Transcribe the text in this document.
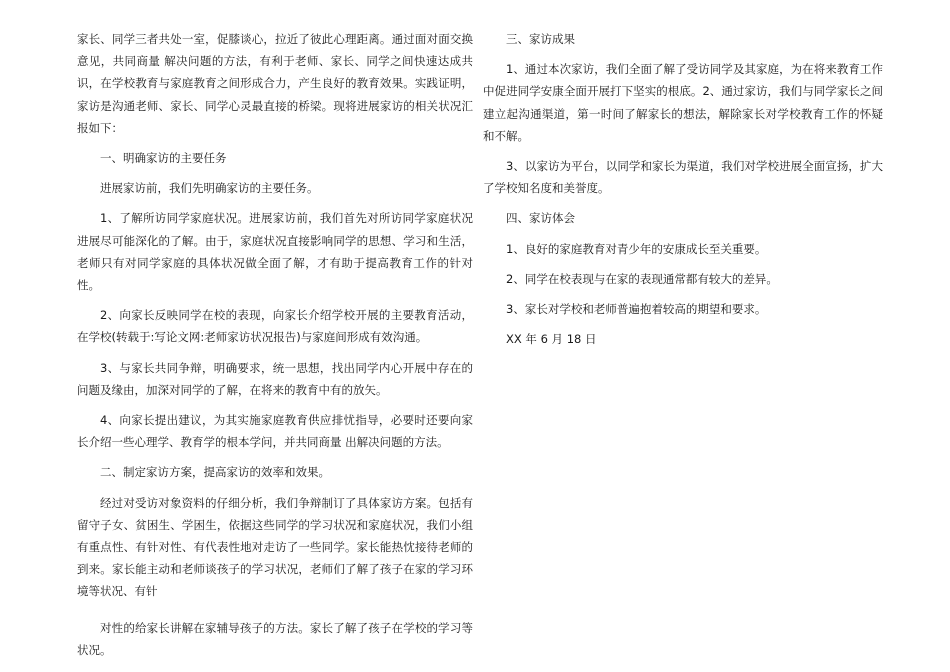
家长、同学三者共处一室，促膝谈心，拉近了彼此心理距离。通过面对面交换意见，共同商量 解决问题的方法，有利于老师、家长、同学之间快速达成共识，在学校教育与家庭教育之间形成合力，产生良好的教育效果。实践证明，家访是沟通老师、家长、同学心灵最直接的桥梁。现将进展家访的相关状况汇报如下：

一、明确家访的主要任务

进展家访前，我们先明确家访的主要任务。

1、了解所访同学家庭状况。进展家访前，我们首先对所访同学家庭状况进展尽可能深化的了解。由于，家庭状况直接影响同学的思想、学习和生活，老师只有对同学家庭的具体状况做全面了解，才有助于提高教育工作的针对性。

2、向家长反映同学在校的表现，向家长介绍学校开展的主要教育活动，在学校(转载于:写论文网:老师家访状况报告)与家庭间形成有效沟通。

3、与家长共同争辩，明确要求，统一思想，找出同学内心开展中存在的问题及缘由，加深对同学的了解，在将来的教育中有的放矢。

4、向家长提出建议，为其实施家庭教育供应排忧指导，必要时还要向家长介绍一些心理学、教育学的根本学问，并共同商量 出解决问题的方法。

二、制定家访方案，提高家访的效率和效果。

经过对受访对象资料的仔细分析，我们争辩制订了具体家访方案。包括有留守子女、贫困生、学困生，依据这些同学的学习状况和家庭状况，我们小组有重点性、有针对性、有代表性地对走访了一些同学。家长能热忱接待老师的到来。家长能主动和老师谈孩子的学习状况，老师们了解了孩子在家的学习环境等状况、有针

对性的给家长讲解在家辅导孩子的方法。家长了解了孩子在学校的学习等状况。

三、家访成果

1、通过本次家访，我们全面了解了受访同学及其家庭，为在将来教育工作中促进同学安康全面开展打下坚实的根底。2、通过家访，我们与同学家长之间建立起沟通渠道，第一时间了解家长的想法，解除家长对学校教育工作的怀疑和不解。

3、以家访为平台，以同学和家长为渠道，我们对学校进展全面宣扬，扩大了学校知名度和美誉度。

四、家访体会

1、良好的家庭教育对青少年的安康成长至关重要。

2、同学在校表现与在家的表现通常都有较大的差异。

3、家长对学校和老师普遍抱着较高的期望和要求。

XX 年 6 月 18 日
